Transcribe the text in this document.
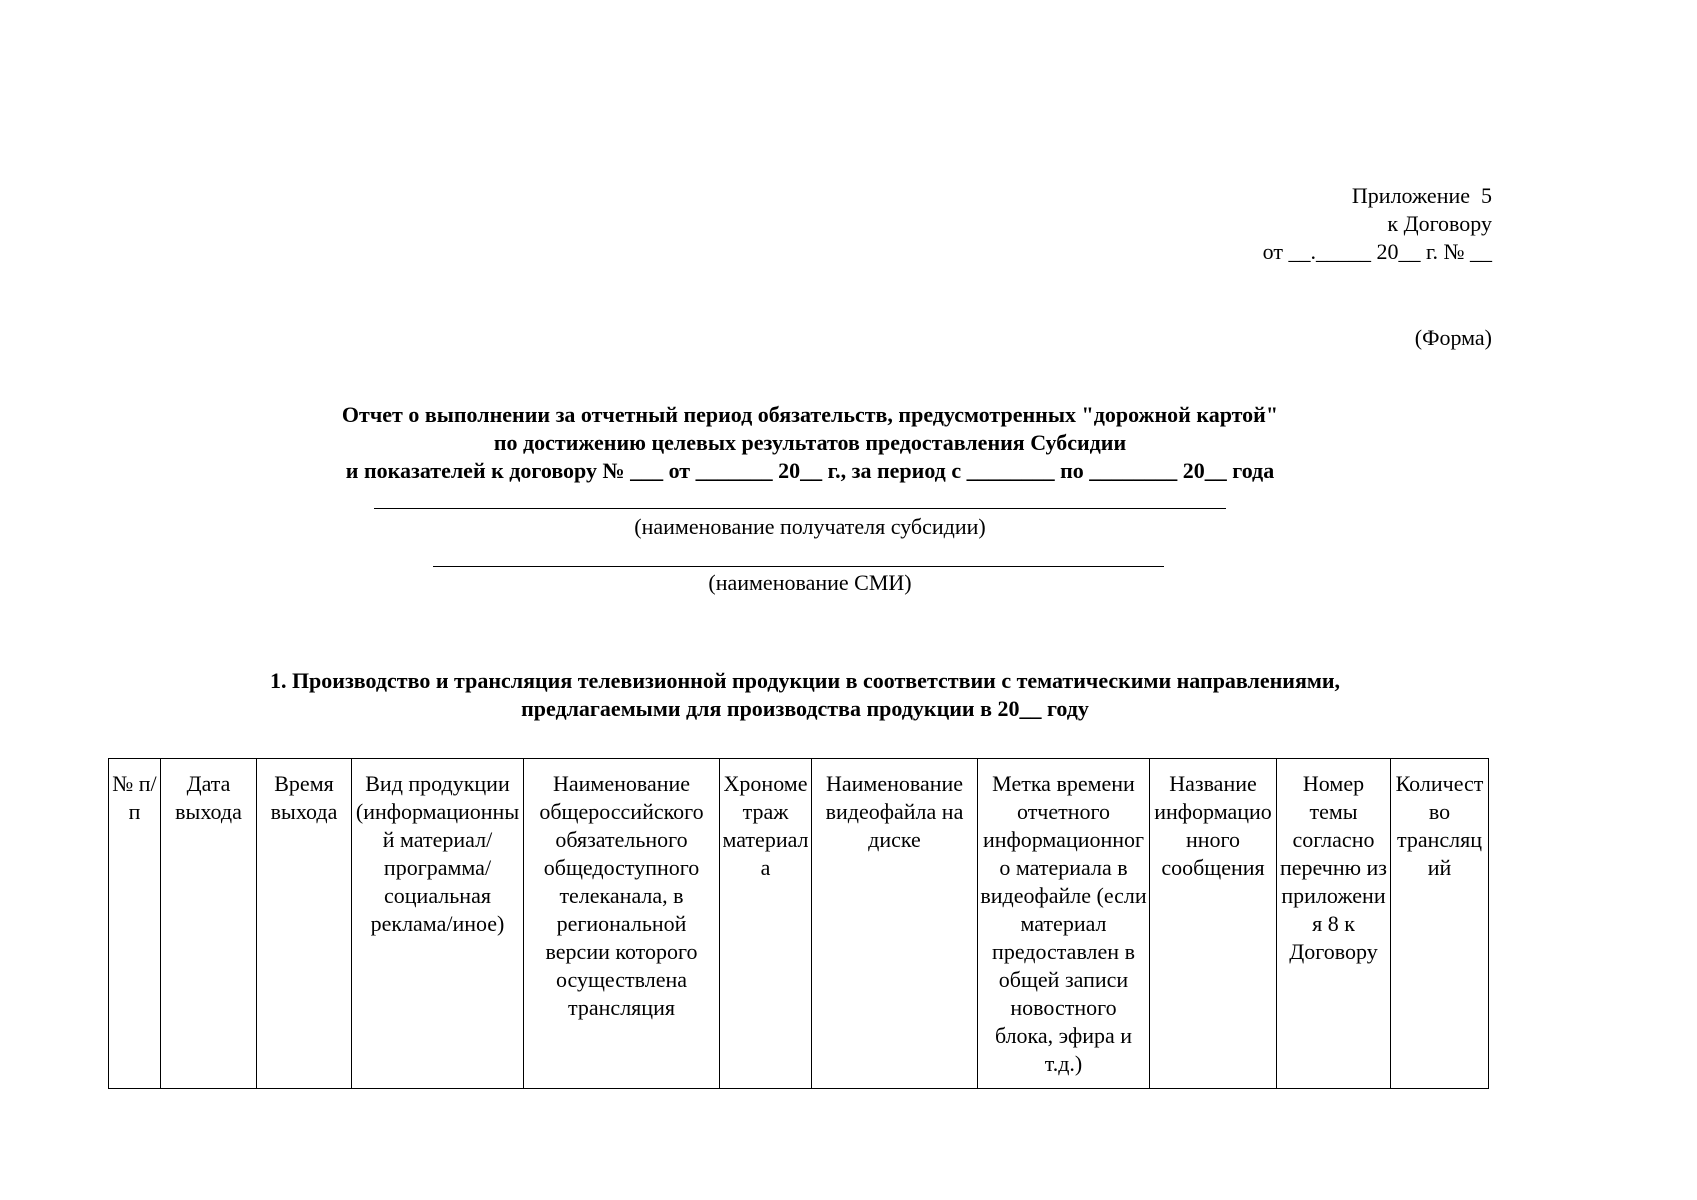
Приложение  5
к Договору
от __._____ 20__ г. № __
(Форма)
Отчет о выполнении за отчетный период обязательств, предусмотренных "дорожной картой"
по достижению целевых результатов предоставления Субсидии
и показателей к договору № ___ от _______ 20__ г., за период с ________ по ________ 20__ года
(наименование получателя субсидии)
(наименование СМИ)
1. Производство и трансляция телевизионной продукции в соответствии с тематическими направлениями,
предлагаемыми для производства продукции в 20__ году
№ п/п	Дата выхода	Время выхода	Вид продукции (информационный материал/программа/социальная реклама/иное)	Наименование общероссийского обязательного общедоступного телеканала, в региональной версии которого осуществлена трансляция	Хронометраж материала	Наименование видеофайла на диске	Метка времени отчетного информационного материала в видеофайле (если материал предоставлен в общей записи новостного блока, эфира и т.д.)	Название информационного сообщения	Номер темы согласно перечню из приложения 8 к Договору	Количество трансляций
